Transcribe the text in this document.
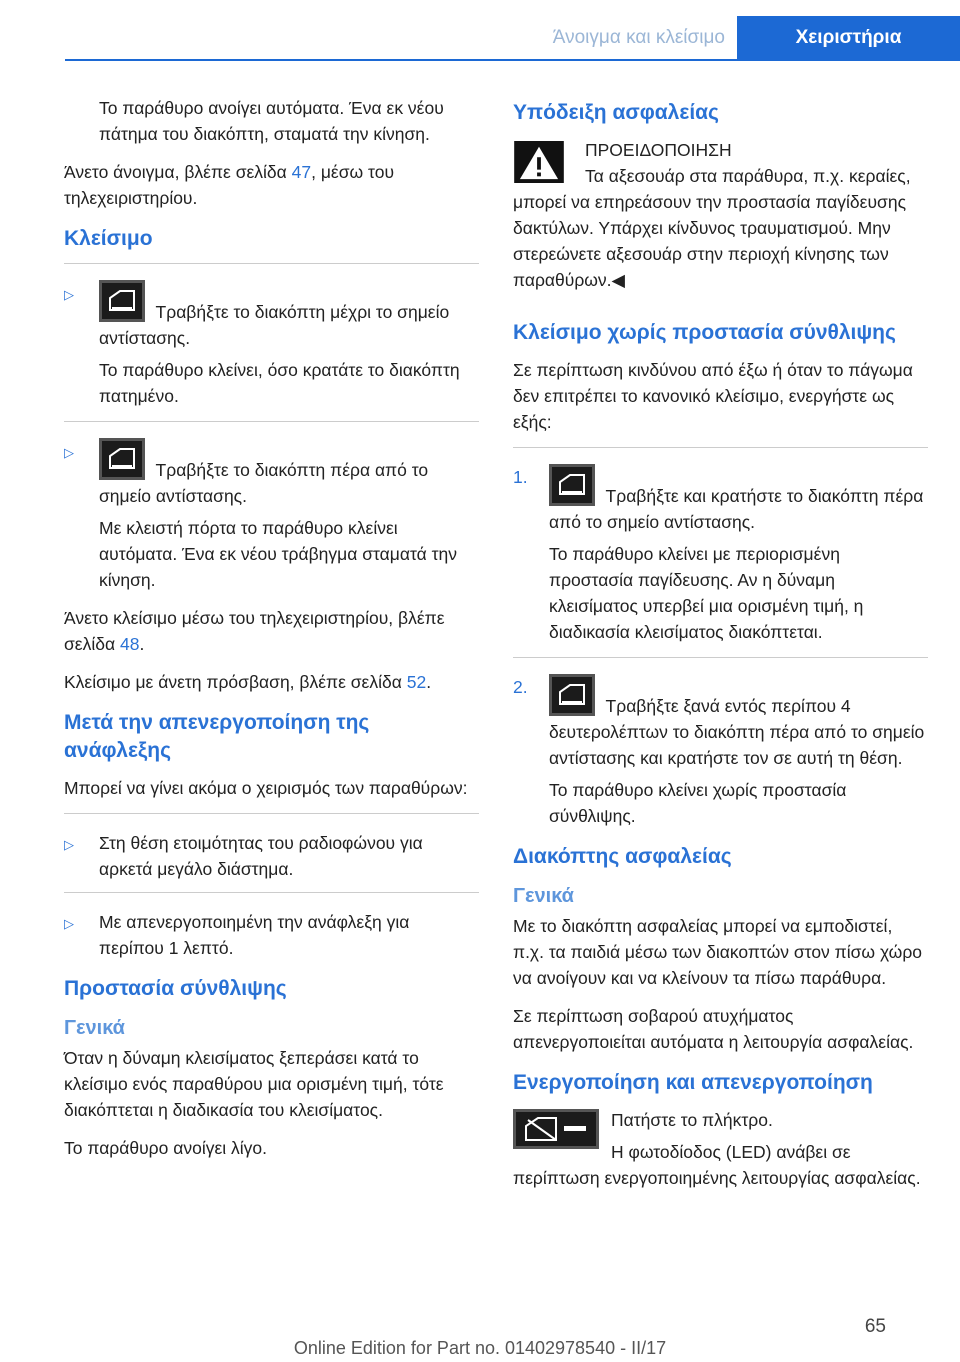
Άνοιγμα και κλείσιμο	Χειριστήρια

Το παράθυρο ανοίγει αυτόματα. Ένα εκ νέου πάτημα του διακόπτη, σταματά την κίνηση.

Άνετο άνοιγμα, βλέπε σελίδα 47, μέσω του τηλεχειριστηρίου.

Κλείσιμο
▷
Τραβήξτε το διακόπτη μέχρι το σημείο αντίστασης.

Το παράθυρο κλείνει, όσο κρατάτε το διακόπτη πατημένο.

▷
Τραβήξτε το διακόπτη πέρα από το σημείο αντίστασης.

Με κλειστή πόρτα το παράθυρο κλείνει αυτόματα. Ένα εκ νέου τράβηγμα σταματά την κίνηση.

Άνετο κλείσιμο μέσω του τηλεχειριστηρίου, βλέπε σελίδα 48.

Κλείσιμο με άνετη πρόσβαση, βλέπε σελίδα 52.

Μετά την απενεργοποίηση της ανάφλεξης

Μπορεί να γίνει ακόμα ο χειρισμός των παραθύρων:

▷ Στη θέση ετοιμότητας του ραδιοφώνου για αρκετά μεγάλο διάστημα.
▷ Με απενεργοποιημένη την ανάφλεξη για περίπου 1 λεπτό.
Προστασία σύνθλιψης
Γενικά

Όταν η δύναμη κλεισίματος ξεπεράσει κατά το κλείσιμο ενός παραθύρου μια ορισμένη τιμή, τότε διακόπτεται η διαδικασία του κλεισίματος.

Το παράθυρο ανοίγει λίγο.

Υπόδειξη ασφαλείας
ΠΡΟΕΙΔΟΠΟΙΗΣΗ

Τα αξεσουάρ στα παράθυρα, π.χ. κεραίες, μπορεί να επηρεάσουν την προστασία παγίδευσης δακτύλων. Υπάρχει κίνδυνος τραυματισμού. Μην στερεώνετε αξεσουάρ στην περιοχή κίνησης των παραθύρων.◀

Κλείσιμο χωρίς προστασία σύνθλιψης

Σε περίπτωση κινδύνου από έξω ή όταν το πάγωμα δεν επιτρέπει το κανονικό κλείσιμο, ενεργήστε ως εξής:

1.
Τραβήξτε και κρατήστε το διακόπτη πέρα από το σημείο αντίστασης.

Το παράθυρο κλείνει με περιορισμένη προστασία παγίδευσης. Αν η δύναμη κλεισίματος υπερβεί μια ορισμένη τιμή, η διαδικασία κλεισίματος διακόπτεται.

2.
Τραβήξτε ξανά εντός περίπου 4 δευτερολέπτων το διακόπτη πέρα από το σημείο αντίστασης και κρατήστε τον σε αυτή τη θέση.

Το παράθυρο κλείνει χωρίς προστασία σύνθλιψης.

Διακόπτης ασφαλείας
Γενικά

Με το διακόπτη ασφαλείας μπορεί να εμποδιστεί, π.χ. τα παιδιά μέσω των διακοπτών στον πίσω χώρο να ανοίγουν και να κλείνουν τα πίσω παράθυρα.

Σε περίπτωση σοβαρού ατυχήματος απενεργοποιείται αυτόματα η λειτουργία ασφαλείας.

Ενεργοποίηση και απενεργοποίηση

Πατήστε το πλήκτρο.

Η φωτοδίοδος (LED) ανάβει σε περίπτωση ενεργοποιημένης λειτουργίας ασφαλείας.

65
Online Edition for Part no. 01402978540 - II/17
